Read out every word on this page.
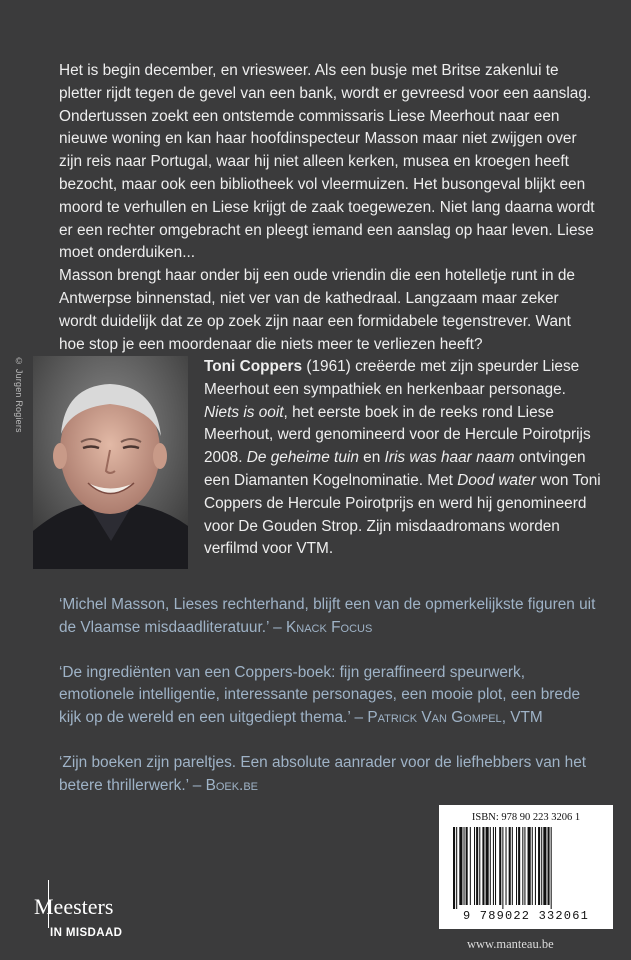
Het is begin december, en vriesweer. Als een busje met Britse zakenlui te pletter rijdt tegen de gevel van een bank, wordt er gevreesd voor een aanslag. Ondertussen zoekt een ontstemde commissaris Liese Meerhout naar een nieuwe woning en kan haar hoofdinspecteur Masson maar niet zwijgen over zijn reis naar Portugal, waar hij niet alleen kerken, musea en kroegen heeft bezocht, maar ook een bibliotheek vol vleermuizen. Het busongeval blijkt een moord te verhullen en Liese krijgt de zaak toegewezen. Niet lang daarna wordt er een rechter omgebracht en pleegt iemand een aanslag op haar leven. Liese moet onderduiken...

Masson brengt haar onder bij een oude vriendin die een hotelletje runt in de Antwerpse binnenstad, niet ver van de kathedraal. Langzaam maar zeker wordt duidelijk dat ze op zoek zijn naar een formidabele tegenstrever. Want hoe stop je een moordenaar die niets meer te verliezen heeft?

© Jurgen Rogiers	Toni Coppers (1961) creëerde met zijn speurder Liese Meerhout een sympathiek en herkenbaar personage. Niets is ooit, het eerste boek in de reeks rond Liese Meerhout, werd genomineerd voor de Hercule Poirotprijs 2008. De geheime tuin en Iris was haar naam ontvingen een Diamanten Kogelnominatie. Met Dood water won Toni Coppers de Hercule Poirotprijs en werd hij genomineerd voor De Gouden Strop. Zijn misdaadromans worden verfilmd voor VTM.

‘Michel Masson, Lieses rechterhand, blijft een van de opmerkelijkste figuren uit de Vlaamse misdaadliteratuur.’ – Knack Focus

‘De ingrediënten van een Coppers-boek: fijn geraffineerd speurwerk, emotionele intelligentie, interessante personages, een mooie plot, een brede kijk op de wereld en een uitgediept thema.’ – Patrick Van Gompel, VTM

‘Zijn boeken zijn pareltjes. Een absolute aanrader voor de liefhebbers van het betere thrillerwerk.’ – Boek.be

Meesters
IN MISDAAD
ISBN: 978 90 223 3206 1
9 789022 332061
www.manteau.be
